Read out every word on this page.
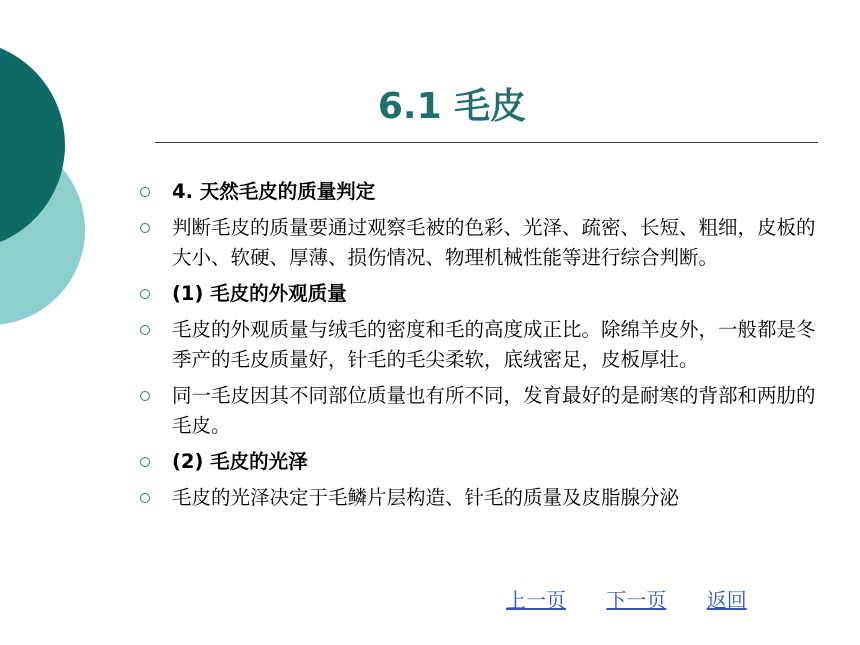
6.1 毛皮
4. 天然毛皮的质量判定
判断毛皮的质量要通过观察毛被的色彩、光泽、疏密、长短、粗细，皮板的大小、软硬、厚薄、损伤情况、物理机械性能等进行综合判断。
(1) 毛皮的外观质量
毛皮的外观质量与绒毛的密度和毛的高度成正比。除绵羊皮外，一般都是冬季产的毛皮质量好，针毛的毛尖柔软，底绒密足，皮板厚壮。
同一毛皮因其不同部位质量也有所不同，发育最好的是耐寒的背部和两肋的毛皮。
(2) 毛皮的光泽
毛皮的光泽决定于毛鳞片层构造、针毛的质量及皮脂腺分泌
上一页 下一页 返回
